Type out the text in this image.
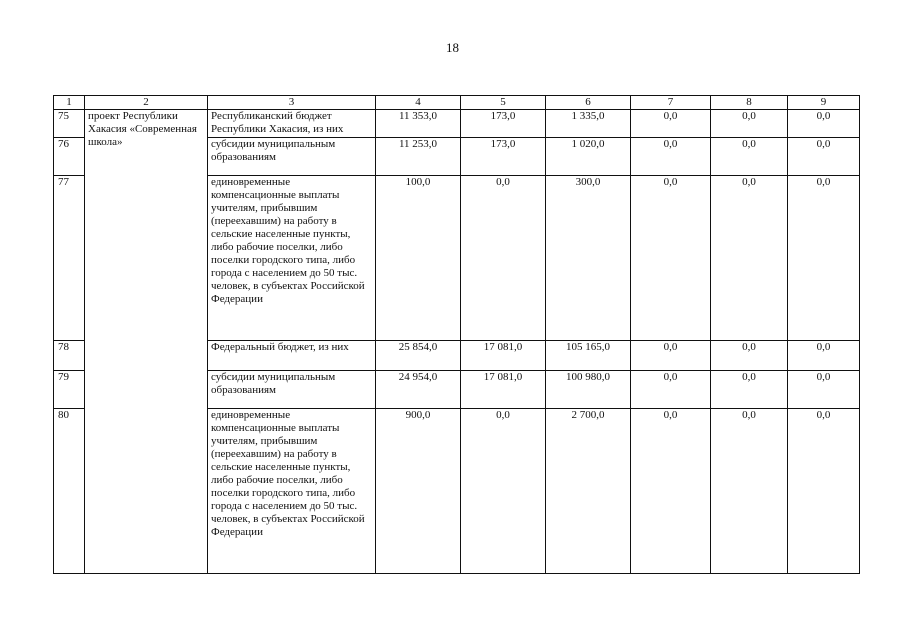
18
1	2	3	4	5	6	7	8	9
75	проект Республики Хакасия «Современная школа»	Республиканский бюджет Республики Хакасия, из них	11 353,0	173,0	1 335,0	0,0	0,0	0,0
76		субсидии муниципальным образованиям	11 253,0	173,0	1 020,0	0,0	0,0	0,0
77		единовременные компенсационные выплаты учителям, прибывшим (переехавшим) на работу в сельские населенные пункты, либо рабочие поселки, либо поселки городского типа, либо города с населением до 50 тыс. человек, в субъектах Российской Федерации	100,0	0,0	300,0	0,0	0,0	0,0
78		Федеральный бюджет, из них	25 854,0	17 081,0	105 165,0	0,0	0,0	0,0
79		субсидии муниципальным образованиям	24 954,0	17 081,0	100 980,0	0,0	0,0	0,0
80		единовременные компенсационные выплаты учителям, прибывшим (переехавшим) на работу в сельские населенные пункты, либо рабочие поселки, либо поселки городского типа, либо города с населением до 50 тыс. человек, в субъектах Российской Федерации	900,0	0,0	2 700,0	0,0	0,0	0,0
